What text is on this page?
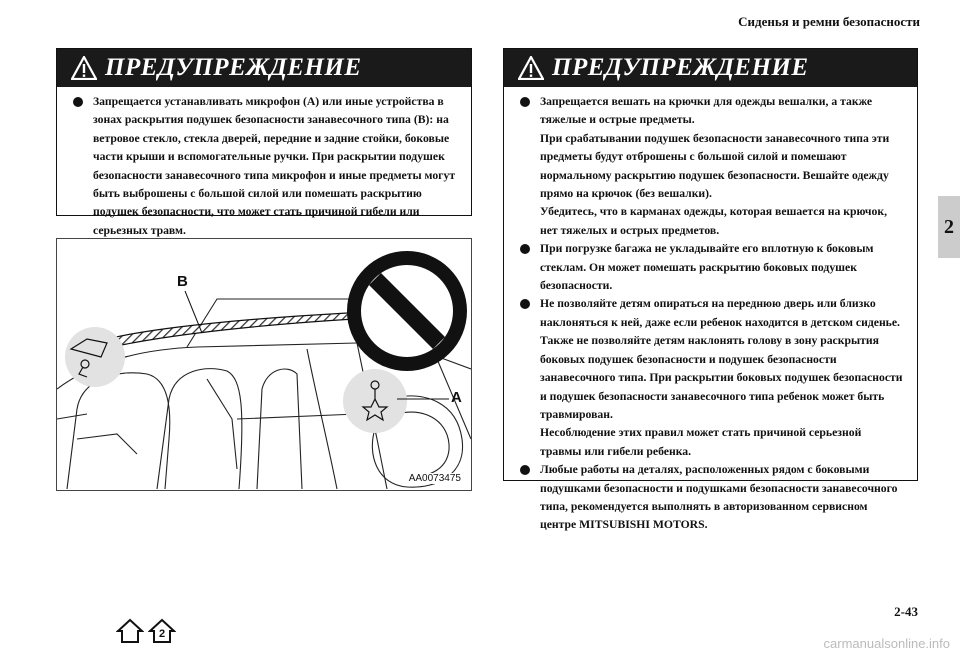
Сиденья и ремни безопасности
ПРЕДУПРЕЖДЕНИЕ

Запрещается устанавливать микрофон (А) или иные устройства в зонах раскрытия подушек безопасности занавесочного типа (B): на ветровое стекло, стекла дверей, передние и задние стойки, боковые части крыши и вспомогательные ручки. При раскрытии подушек безопасности занавесочного типа микрофон и иные предметы могут быть выброшены с большой силой или помешать раскрытию подушек безопасности, что может стать причиной гибели или серьезных травм.

B
A
AA0073475
ПРЕДУПРЕЖДЕНИЕ

Запрещается вешать на крючки для одежды вешалки, а также тяжелые и острые предметы.

При срабатывании подушек безопасности занавесочного типа эти предметы будут отброшены с большой силой и помешают нормальному раскрытию подушек безопасности. Вешайте одежду прямо на крючок (без вешалки).

Убедитесь, что в карманах одежды, которая вешается на крючок, нет тяжелых и острых предметов.

При погрузке багажа не укладывайте его вплотную к боковым стеклам. Он может помешать раскрытию боковых подушек безопасности.

Не позволяйте детям опираться на переднюю дверь или близко наклоняться к ней, даже если ребенок находится в детском сиденье.

Также не позволяйте детям наклонять голову в зону раскрытия боковых подушек безопасности и подушек безопасности занавесочного типа. При раскрытии боковых подушек безопасности и подушек безопасности занавесочного типа ребенок может быть травмирован.

Несоблюдение этих правил может стать причиной серьезной травмы или гибели ребенка.

Любые работы на деталях, расположенных рядом с боковыми подушками безопасности и подушками безопасности занавесочного типа, рекомендуется выполнять в авторизованном сервисном центре MITSUBISHI MOTORS.

2
2-43
2
carmanualsonline.info
